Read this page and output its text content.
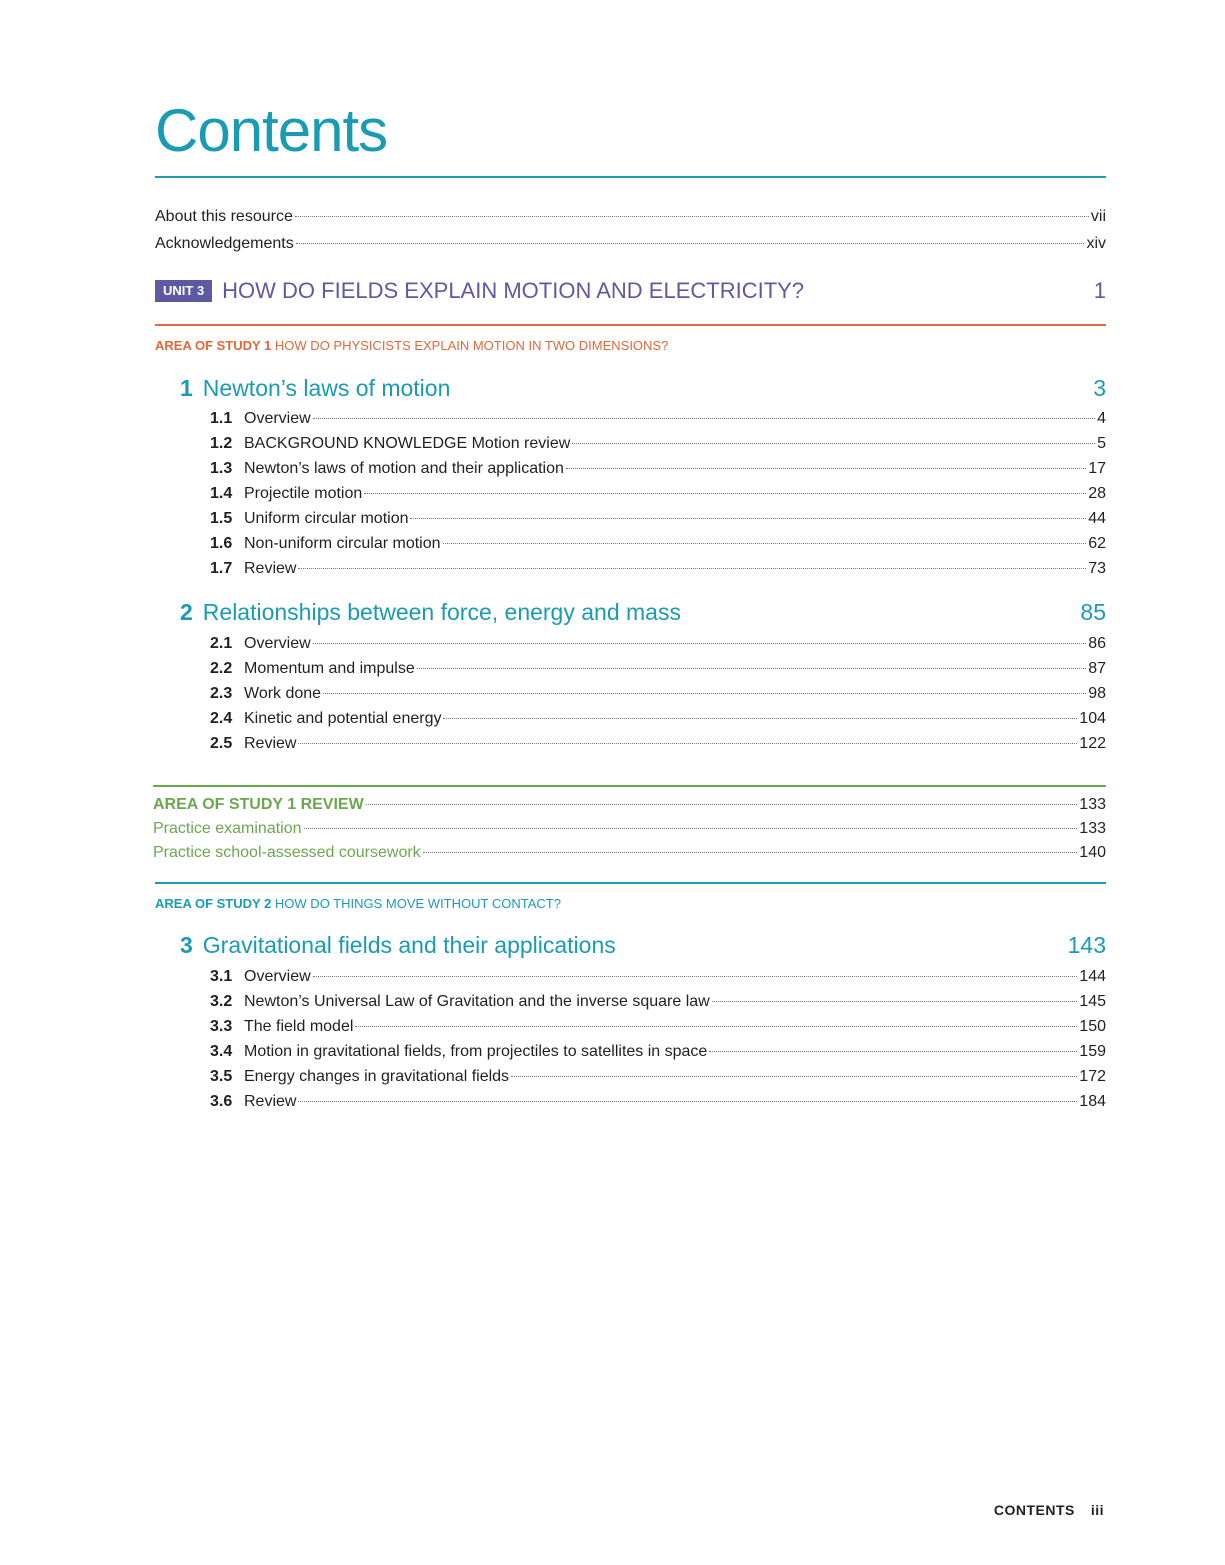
Contents
About this resource	vii
Acknowledgements	xiv
UNIT 3 HOW DO FIELDS EXPLAIN MOTION AND ELECTRICITY?	1
AREA OF STUDY 1 HOW DO PHYSICISTS EXPLAIN MOTION IN TWO DIMENSIONS?
1 Newton’s laws of motion	3
1.1 Overview	4
1.2 BACKGROUND KNOWLEDGE Motion review	5
1.3 Newton’s laws of motion and their application	17
1.4 Projectile motion	28
1.5 Uniform circular motion	44
1.6 Non-uniform circular motion	62
1.7 Review	73
2 Relationships between force, energy and mass	85
2.1 Overview	86
2.2 Momentum and impulse	87
2.3 Work done	98
2.4 Kinetic and potential energy	104
2.5 Review	122
AREA OF STUDY 1 REVIEW	133
Practice examination	133
Practice school-assessed coursework	140
AREA OF STUDY 2 HOW DO THINGS MOVE WITHOUT CONTACT?
3 Gravitational fields and their applications	143
3.1 Overview	144
3.2 Newton’s Universal Law of Gravitation and the inverse square law	145
3.3 The field model	150
3.4 Motion in gravitational fields, from projectiles to satellites in space	159
3.5 Energy changes in gravitational fields	172
3.6 Review	184
CONTENTS iii
